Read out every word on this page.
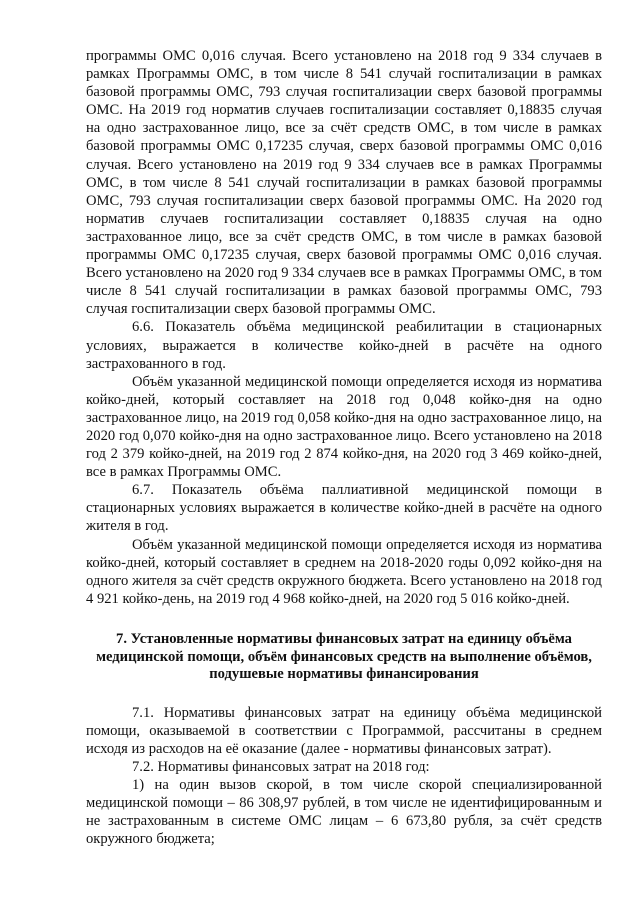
программы ОМС 0,016 случая. Всего установлено на 2018 год 9 334 случаев в рамках Программы ОМС, в том числе 8 541 случай госпитализации в рамках базовой программы ОМС, 793 случая госпитализации сверх базовой программы ОМС. На 2019 год норматив случаев госпитализации составляет 0,18835 случая на одно застрахованное лицо, все за счёт средств ОМС, в том числе в рамках базовой программы ОМС 0,17235 случая, сверх базовой программы ОМС 0,016 случая. Всего установлено на 2019 год 9 334 случаев все в рамках Программы ОМС, в том числе 8 541 случай госпитализации в рамках базовой программы ОМС, 793 случая госпитализации сверх базовой программы ОМС. На 2020 год норматив случаев госпитализации составляет 0,18835 случая на одно застрахованное лицо, все за счёт средств ОМС, в том числе в рамках базовой программы ОМС 0,17235 случая, сверх базовой программы ОМС 0,016 случая. Всего установлено на 2020 год 9 334 случаев все в рамках Программы ОМС, в том числе 8 541 случай госпитализации в рамках базовой программы ОМС, 793 случая госпитализации сверх базовой программы ОМС.

6.6. Показатель объёма медицинской реабилитации в стационарных условиях, выражается в количестве койко-дней в расчёте на одного застрахованного в год.

Объём указанной медицинской помощи определяется исходя из норматива койко-дней, который составляет на 2018 год 0,048 койко-дня на одно застрахованное лицо, на 2019 год 0,058 койко-дня на одно застрахованное лицо, на 2020 год 0,070 койко-дня на одно застрахованное лицо. Всего установлено на 2018 год 2 379 койко-дней, на 2019 год 2 874 койко-дня, на 2020 год 3 469 койко-дней, все в рамках Программы ОМС.

6.7. Показатель объёма паллиативной медицинской помощи в стационарных условиях выражается в количестве койко-дней в расчёте на одного жителя в год.

Объём указанной медицинской помощи определяется исходя из норматива койко-дней, который составляет в среднем на 2018-2020 годы 0,092 койко-дня на одного жителя за счёт средств окружного бюджета. Всего установлено на 2018 год 4 921 койко-день, на 2019 год 4 968 койко-дней, на 2020 год 5 016 койко-дней.

7. Установленные нормативы финансовых затрат на единицу объёма медицинской помощи, объём финансовых средств на выполнение объёмов, подушевые нормативы финансирования

7.1. Нормативы финансовых затрат на единицу объёма медицинской помощи, оказываемой в соответствии с Программой, рассчитаны в среднем исходя из расходов на её оказание (далее - нормативы финансовых затрат).

7.2. Нормативы финансовых затрат на 2018 год:

1) на один вызов скорой, в том числе скорой специализированной медицинской помощи – 86 308,97 рублей, в том числе не идентифицированным и не застрахованным в системе ОМС лицам – 6 673,80 рубля, за счёт средств окружного бюджета;
